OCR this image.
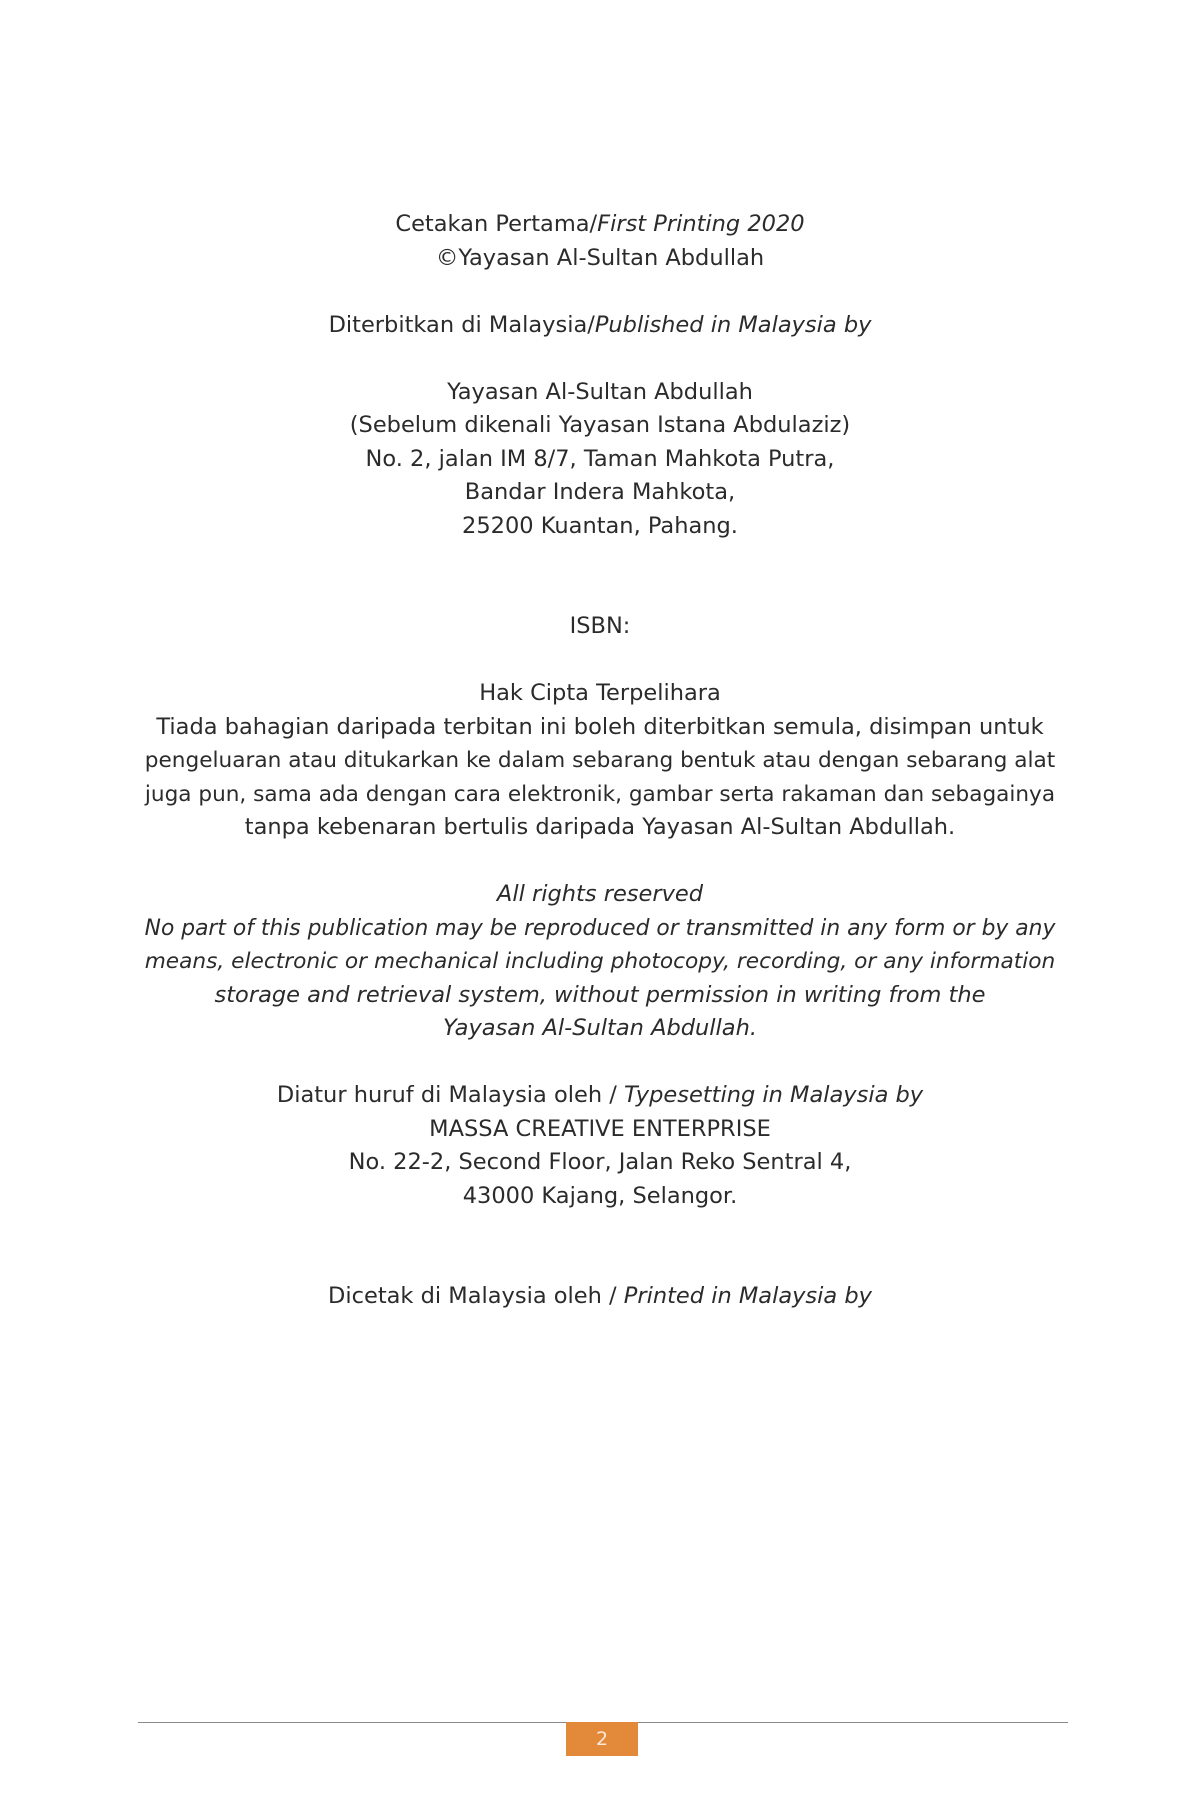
Cetakan Pertama/First Printing 2020
©Yayasan Al-Sultan Abdullah
Diterbitkan di Malaysia/Published in Malaysia by
Yayasan Al-Sultan Abdullah
(Sebelum dikenali Yayasan Istana Abdulaziz)
No. 2, jalan IM 8/7, Taman Mahkota Putra,
Bandar Indera Mahkota,
25200 Kuantan, Pahang.
ISBN:
Hak Cipta Terpelihara
Tiada bahagian daripada terbitan ini boleh diterbitkan semula, disimpan untuk
pengeluaran atau ditukarkan ke dalam sebarang bentuk atau dengan sebarang alat
juga pun, sama ada dengan cara elektronik, gambar serta rakaman dan sebagainya
tanpa kebenaran bertulis daripada Yayasan Al-Sultan Abdullah.
All rights reserved
No part of this publication may be reproduced or transmitted in any form or by any
means, electronic or mechanical including photocopy, recording, or any information
storage and retrieval system, without permission in writing from the
Yayasan Al-Sultan Abdullah.
Diatur huruf di Malaysia oleh / Typesetting in Malaysia by
MASSA CREATIVE ENTERPRISE
No. 22-2, Second Floor, Jalan Reko Sentral 4,
43000 Kajang, Selangor.
Dicetak di Malaysia oleh / Printed in Malaysia by
2
